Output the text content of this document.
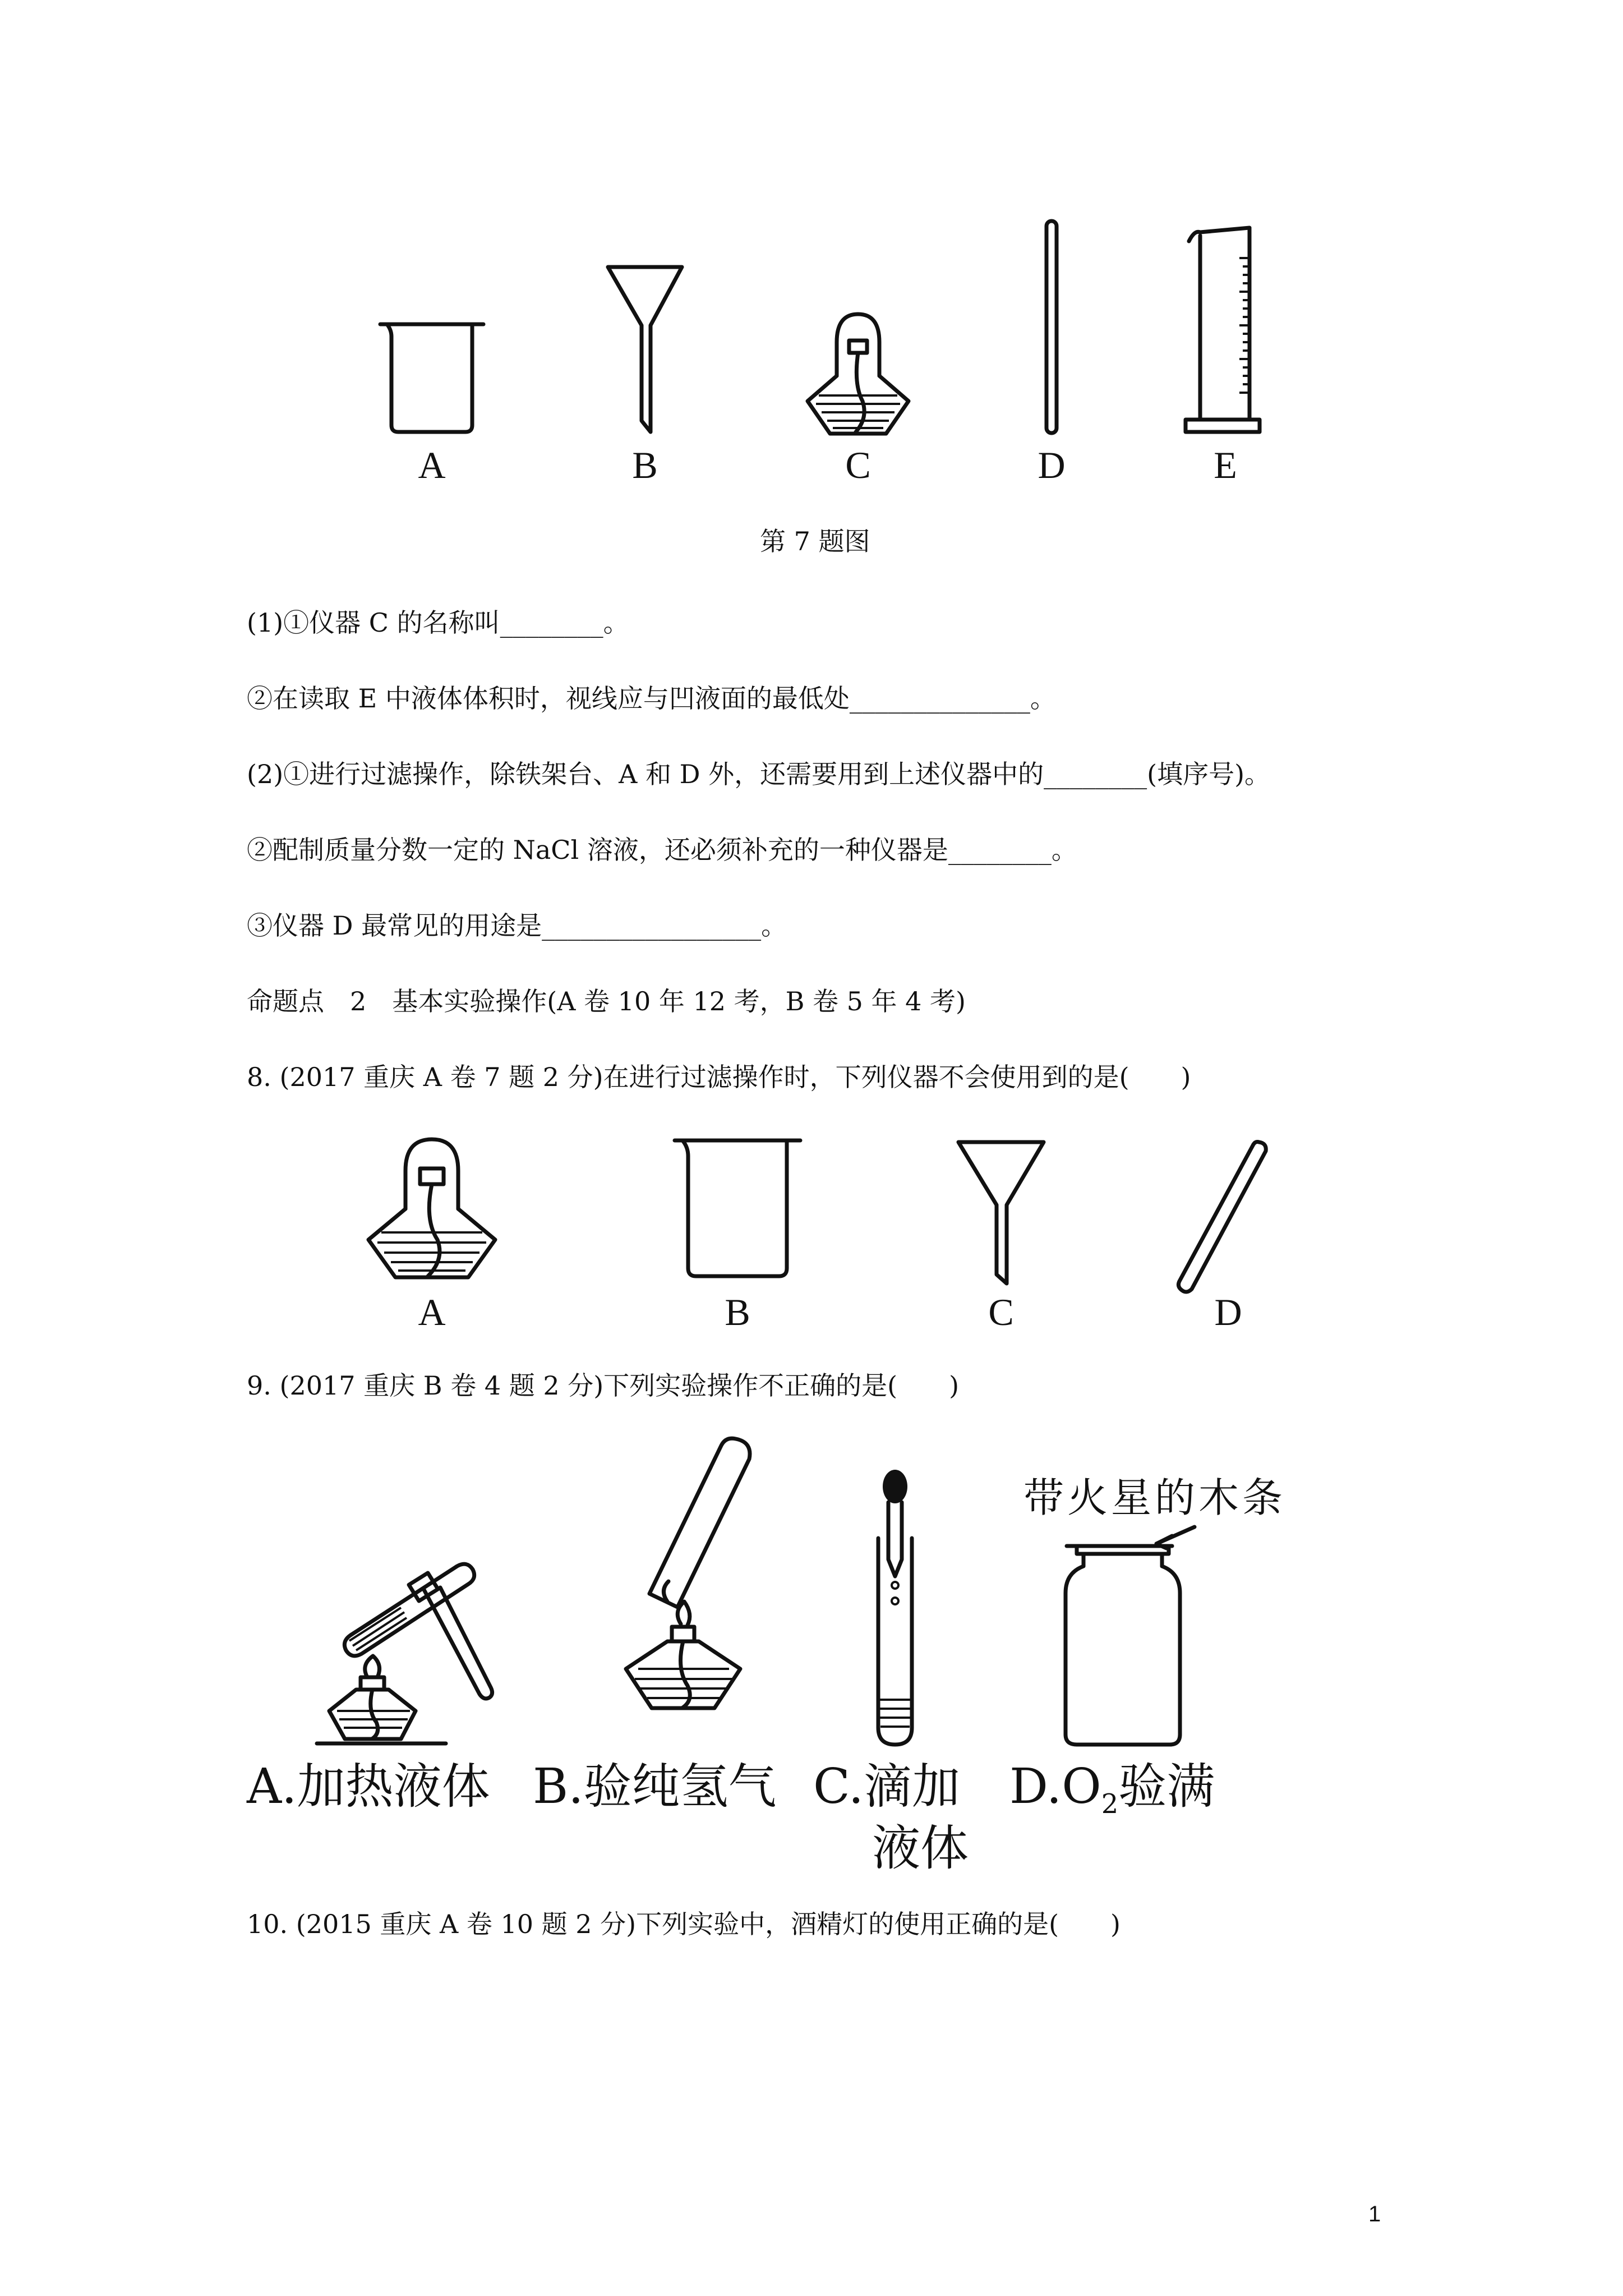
A	B	C	D	E
第 7 题图
(1)①仪器 C 的名称叫________。
②在读取 E 中液体体积时，视线应与凹液面的最低处______________。
(2)①进行过滤操作，除铁架台、A 和 D 外，还需要用到上述仪器中的________(填序号)。
②配制质量分数一定的 NaCl 溶液，还必须补充的一种仪器是________。
③仪器 D 最常见的用途是_________________。
命题点　2　基本实验操作(A 卷 10 年 12 考，B 卷 5 年 4 考)
8. (2017 重庆 A 卷 7 题 2 分)在进行过滤操作时，下列仪器不会使用到的是(　　)
A	B	C	D
9. (2017 重庆 B 卷 4 题 2 分)下列实验操作不正确的是(　　)
带火星的木条
A.加热液体 B.验纯氢气 C.滴加
液体
$D.O_2$验满
10. (2015 重庆 A 卷 10 题 2 分)下列实验中，酒精灯的使用正确的是(　　)
1
